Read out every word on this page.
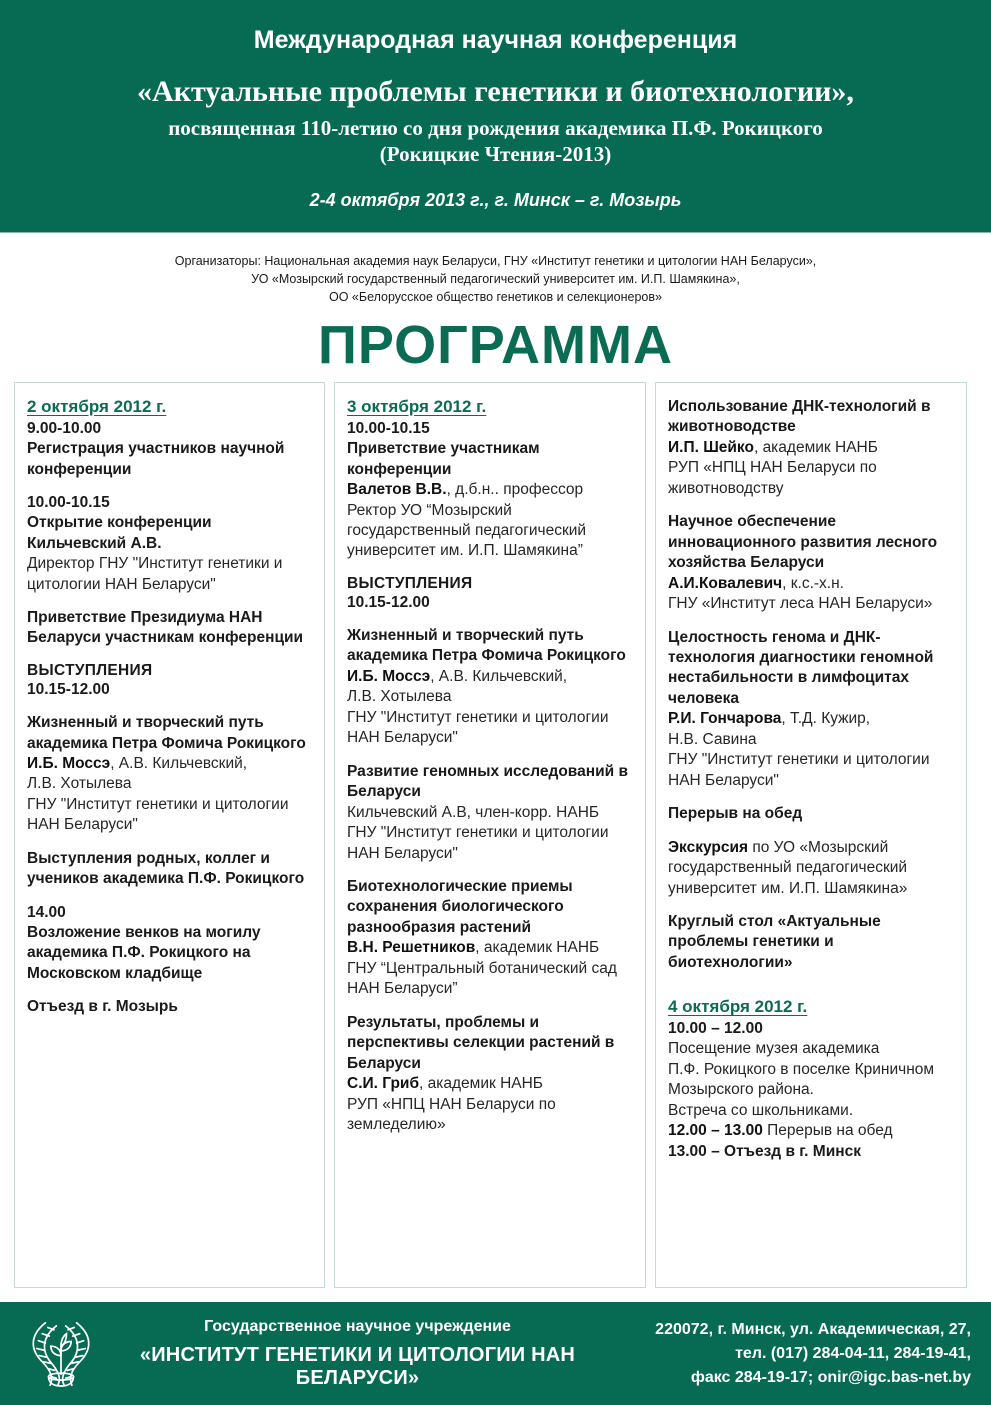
Международная научная конференция
«Актуальные проблемы генетики и биотехнологии»,
посвященная 110-летию со дня рождения академика П.Ф. Рокицкого
(Рокицкие Чтения-2013)
2-4 октября 2013 г., г. Минск – г. Мозырь
Организаторы: Национальная академия наук Беларуси, ГНУ «Институт генетики и цитологии НАН Беларуси»,
УО «Мозырский государственный педагогический университет им. И.П. Шамякина»,
ОО «Белорусское общество генетиков и селекционеров»
ПРОГРАММА
2 октября 2012 г.
9.00-10.00
Регистрация участников научной
конференции
10.00-10.15
Открытие конференции
Кильчевский А.В.
Директор ГНУ "Институт генетики и
цитологии НАН Беларуси"
Приветствие Президиума НАН
Беларуси участникам конференции
ВЫСТУПЛЕНИЯ
10.15-12.00
Жизненный и творческий путь
академика Петра Фомича Рокицкого
И.Б. Моссэ, А.В. Кильчевский,
Л.В. Хотылева
ГНУ "Институт генетики и цитологии
НАН Беларуси"
Выступления родных, коллег и
учеников академика П.Ф. Рокицкого
14.00
Возложение венков на могилу
академика П.Ф. Рокицкого на
Московском кладбище
Отъезд в г. Мозырь
3 октября 2012 г.
10.00-10.15
Приветствие участникам
конференции
Валетов В.В., д.б.н.. профессор
Ректор УО “Мозырский
государственный педагогический
университет им. И.П. Шамякина”
ВЫСТУПЛЕНИЯ
10.15-12.00
Жизненный и творческий путь
академика Петра Фомича Рокицкого
И.Б. Моссэ, А.В. Кильчевский,
Л.В. Хотылева
ГНУ "Институт генетики и цитологии
НАН Беларуси"
Развитие геномных исследований в
Беларуси
Кильчевский А.В, член-корр. НАНБ
ГНУ "Институт генетики и цитологии
НАН Беларуси"
Биотехнологические приемы
сохранения биологического
разнообразия растений
В.Н. Решетников, академик НАНБ
ГНУ “Центральный ботанический сад
НАН Беларуси”
Результаты, проблемы и
перспективы селекции растений в
Беларуси
С.И. Гриб, академик НАНБ
РУП «НПЦ НАН Беларуси по
земледелию»
Использование ДНК-технологий в
животноводстве
И.П. Шейко, академик НАНБ
РУП «НПЦ НАН Беларуси по
животноводству
Научное обеспечение
инновационного развития лесного
хозяйства Беларуси
А.И.Ковалевич, к.с.-х.н.
ГНУ «Институт леса НАН Беларуси»
Целостность генома и ДНК-
технология диагностики геномной
нестабильности в лимфоцитах
человека
Р.И. Гончарова, Т.Д. Кужир,
Н.В. Савина
ГНУ "Институт генетики и цитологии
НАН Беларуси"
Перерыв на обед
Экскурсия по УО «Мозырский
государственный педагогический
университет им. И.П. Шамякина»
Круглый стол «Актуальные
проблемы генетики и
биотехнологии»
4 октября 2012 г.
10.00 – 12.00
Посещение музея академика
П.Ф. Рокицкого в поселке Криничном
Мозырского района.
Встреча со школьниками.
12.00 – 13.00 Перерыв на обед
13.00 – Отъезд в г. Минск
Государственное научное учреждение
«ИНСТИТУТ ГЕНЕТИКИ И ЦИТОЛОГИИ НАН БЕЛАРУСИ»
220072, г. Минск, ул. Академическая, 27,
тел. (017) 284-04-11, 284-19-41,
факс 284-19-17; onir@igc.bas-net.by
